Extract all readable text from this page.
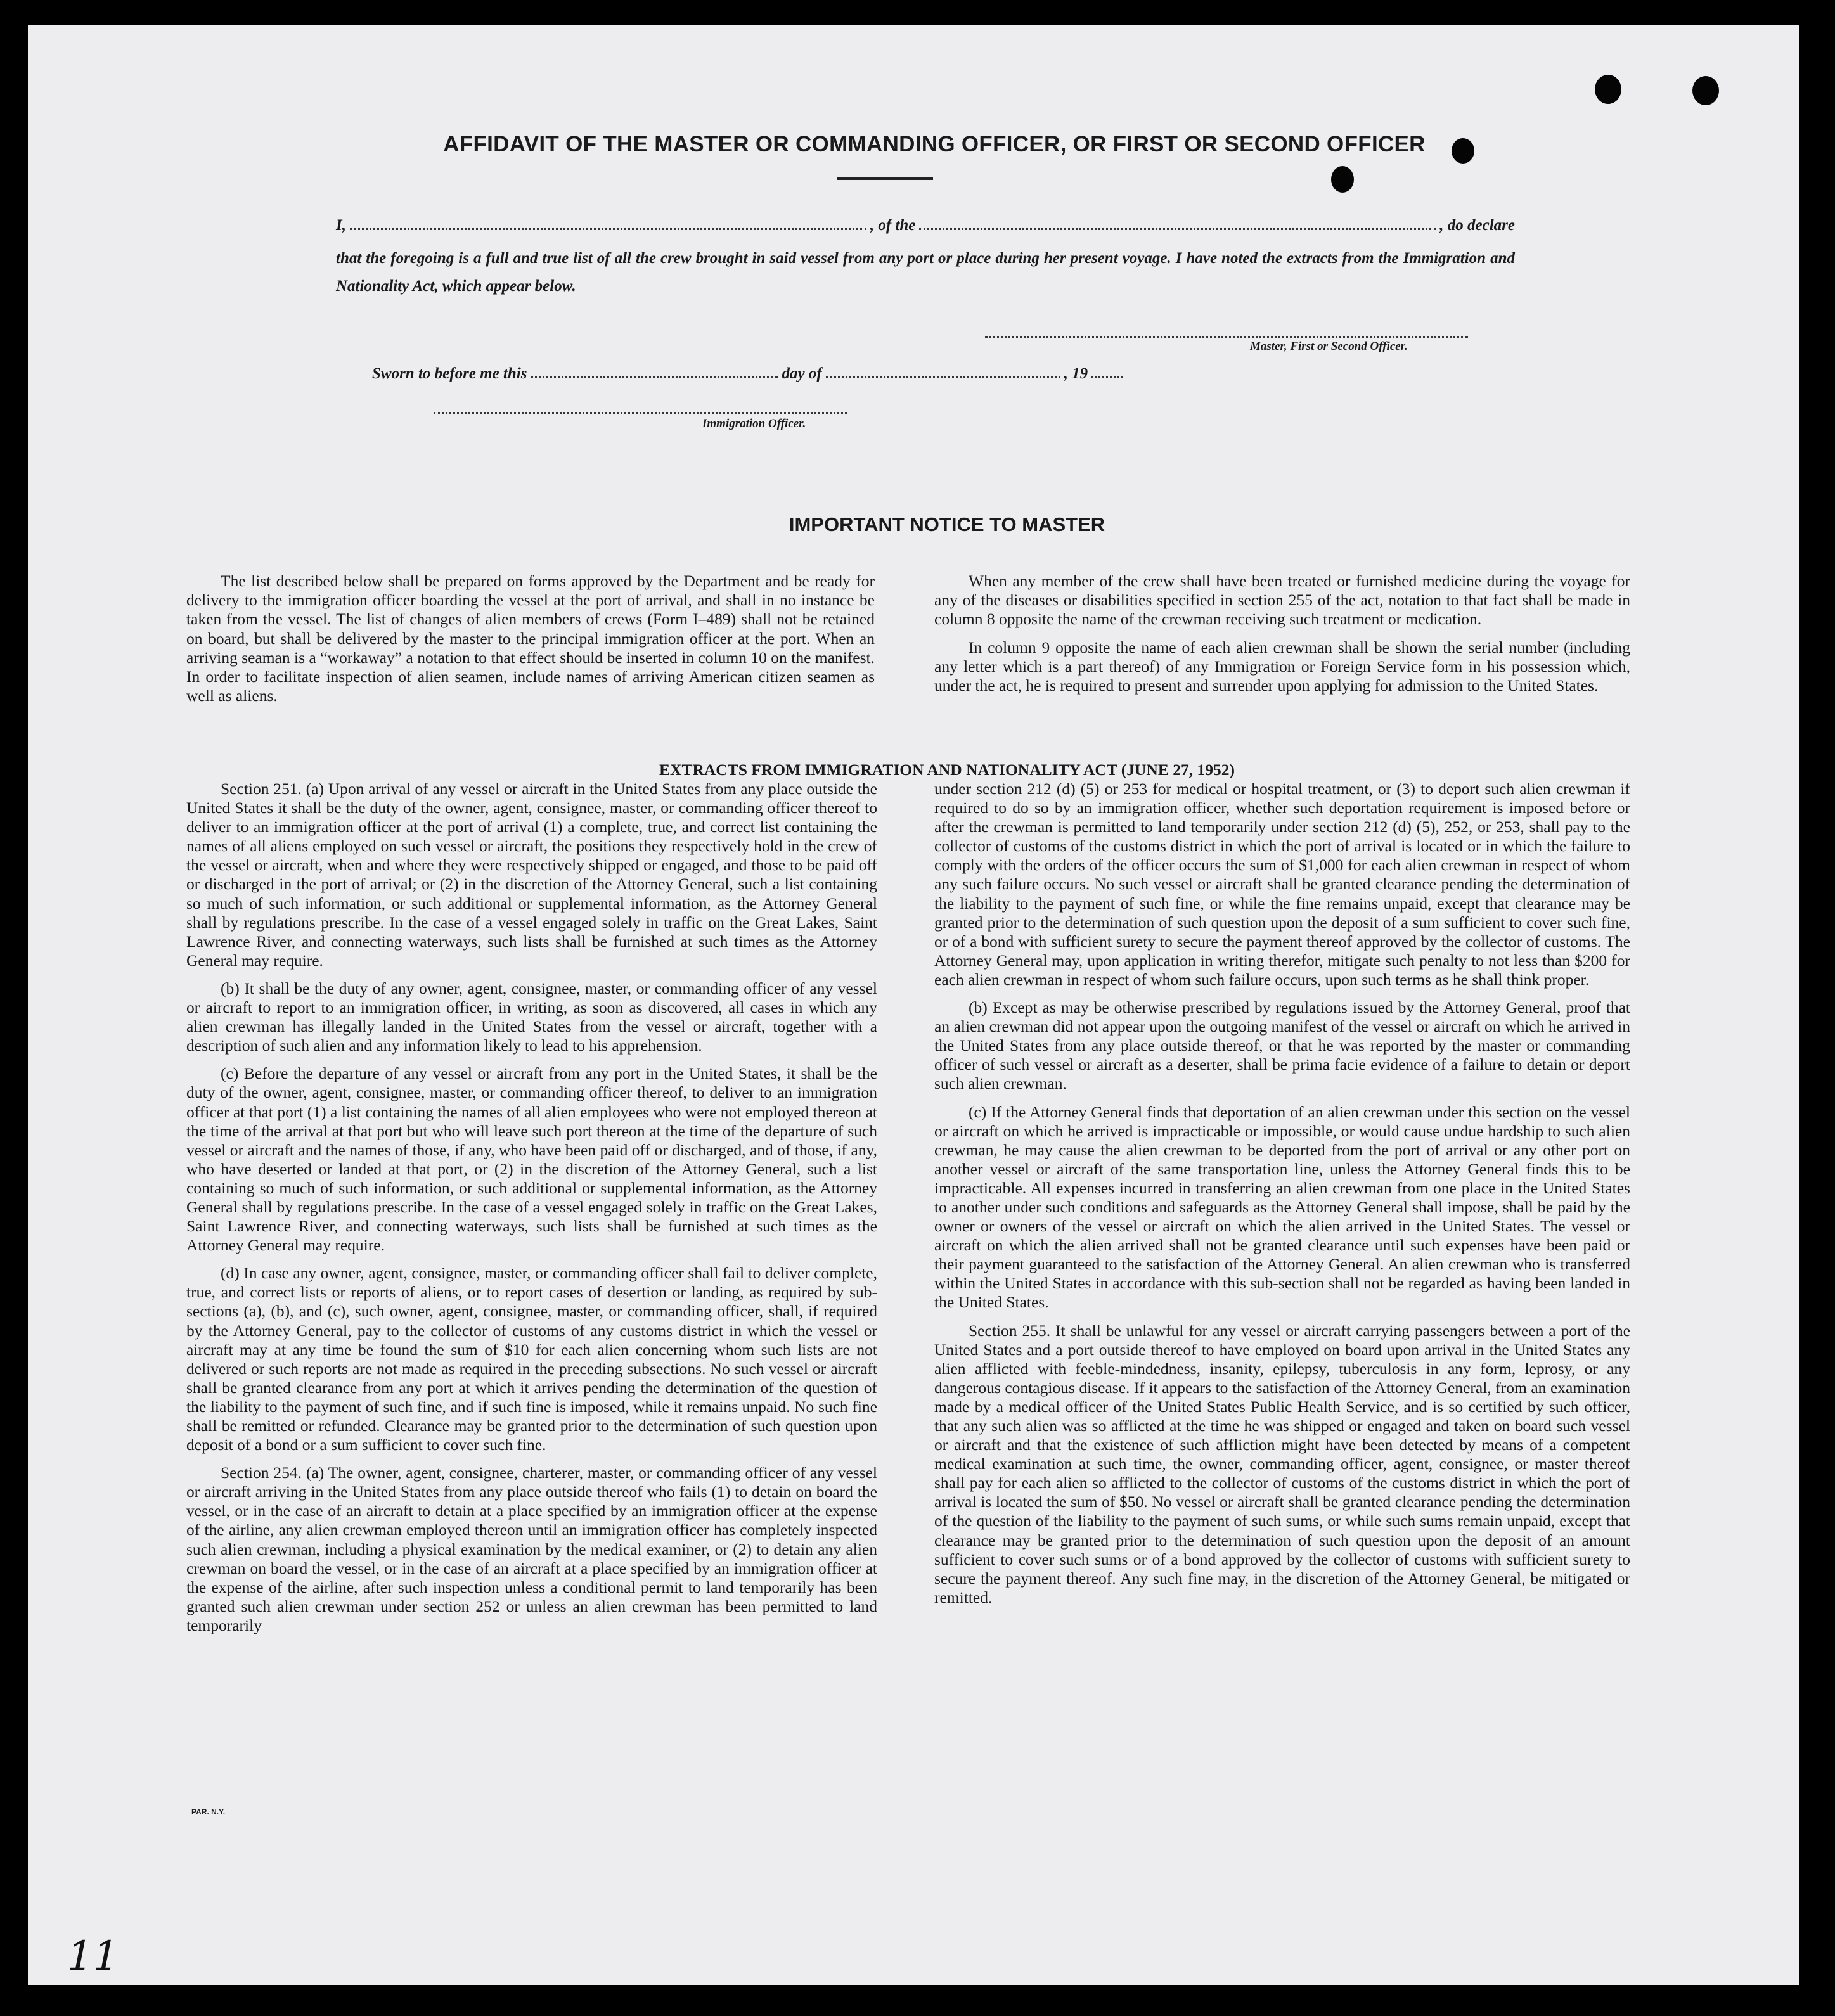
AFFIDAVIT OF THE MASTER OR COMMANDING OFFICER, OR FIRST OR SECOND OFFICER
I,	, of the	, do declare
that the foregoing is a full and true list of all the crew brought in said vessel from any port or place during her present voyage. I have noted the extracts from the Immigration and Nationality Act, which appear below.
Master, First or Second Officer.
Sworn to before me this	day of	, 19
Immigration Officer.
IMPORTANT NOTICE TO MASTER

The list described below shall be prepared on forms approved by the Department and be ready for delivery to the immigration officer boarding the vessel at the port of arrival, and shall in no instance be taken from the vessel. The list of changes of alien members of crews (Form I–489) shall not be retained on board, but shall be delivered by the master to the principal immigration officer at the port. When an arriving seaman is a “workaway” a notation to that effect should be inserted in column 10 on the manifest. In order to facilitate inspection of alien seamen, include names of arriving American citizen seamen as well as aliens.

When any member of the crew shall have been treated or furnished medicine during the voyage for any of the diseases or disabilities specified in section 255 of the act, notation to that fact shall be made in column 8 opposite the name of the crewman receiving such treatment or medication.

In column 9 opposite the name of each alien crewman shall be shown the serial number (including any letter which is a part thereof) of any Immigration or Foreign Service form in his possession which, under the act, he is required to present and surrender upon applying for admission to the United States.

EXTRACTS FROM IMMIGRATION AND NATIONALITY ACT (JUNE 27, 1952)

Section 251. (a) Upon arrival of any vessel or aircraft in the United States from any place outside the United States it shall be the duty of the owner, agent, consignee, master, or commanding officer thereof to deliver to an immigration officer at the port of arrival (1) a complete, true, and correct list containing the names of all aliens employed on such vessel or aircraft, the positions they respectively hold in the crew of the vessel or aircraft, when and where they were respectively shipped or engaged, and those to be paid off or discharged in the port of arrival; or (2) in the discretion of the Attorney General, such a list containing so much of such information, or such additional or supplemental information, as the Attorney General shall by regulations prescribe. In the case of a vessel engaged solely in traffic on the Great Lakes, Saint Lawrence River, and connecting waterways, such lists shall be furnished at such times as the Attorney General may require.

(b) It shall be the duty of any owner, agent, consignee, master, or commanding officer of any vessel or aircraft to report to an immigration officer, in writing, as soon as discovered, all cases in which any alien crewman has illegally landed in the United States from the vessel or aircraft, together with a description of such alien and any information likely to lead to his apprehension.

(c) Before the departure of any vessel or aircraft from any port in the United States, it shall be the duty of the owner, agent, consignee, master, or commanding officer thereof, to deliver to an immigration officer at that port (1) a list containing the names of all alien employees who were not employed thereon at the time of the arrival at that port but who will leave such port thereon at the time of the departure of such vessel or aircraft and the names of those, if any, who have been paid off or discharged, and of those, if any, who have deserted or landed at that port, or (2) in the discretion of the Attorney General, such a list containing so much of such information, or such additional or supplemental information, as the Attorney General shall by regulations prescribe. In the case of a vessel engaged solely in traffic on the Great Lakes, Saint Lawrence River, and connecting waterways, such lists shall be furnished at such times as the Attorney General may require.

(d) In case any owner, agent, consignee, master, or commanding officer shall fail to deliver complete, true, and correct lists or reports of aliens, or to report cases of desertion or landing, as required by sub-sections (a), (b), and (c), such owner, agent, consignee, master, or commanding officer, shall, if required by the Attorney General, pay to the collector of customs of any customs district in which the vessel or aircraft may at any time be found the sum of $10 for each alien concerning whom such lists are not delivered or such reports are not made as required in the preceding subsections. No such vessel or aircraft shall be granted clearance from any port at which it arrives pending the determination of the question of the liability to the payment of such fine, and if such fine is imposed, while it remains unpaid. No such fine shall be remitted or refunded. Clearance may be granted prior to the determination of such question upon deposit of a bond or a sum sufficient to cover such fine.

Section 254. (a) The owner, agent, consignee, charterer, master, or commanding officer of any vessel or aircraft arriving in the United States from any place outside thereof who fails (1) to detain on board the vessel, or in the case of an aircraft to detain at a place specified by an immigration officer at the expense of the airline, any alien crewman employed thereon until an immigration officer has completely inspected such alien crewman, including a physical examination by the medical examiner, or (2) to detain any alien crewman on board the vessel, or in the case of an aircraft at a place specified by an immigration officer at the expense of the airline, after such inspection unless a conditional permit to land temporarily has been granted such alien crewman under section 252 or unless an alien crewman has been permitted to land temporarily

under section 212 (d) (5) or 253 for medical or hospital treatment, or (3) to deport such alien crewman if required to do so by an immigration officer, whether such deportation requirement is imposed before or after the crewman is permitted to land temporarily under section 212 (d) (5), 252, or 253, shall pay to the collector of customs of the customs district in which the port of arrival is located or in which the failure to comply with the orders of the officer occurs the sum of $1,000 for each alien crewman in respect of whom any such failure occurs. No such vessel or aircraft shall be granted clearance pending the determination of the liability to the payment of such fine, or while the fine remains unpaid, except that clearance may be granted prior to the determination of such question upon the deposit of a sum sufficient to cover such fine, or of a bond with sufficient surety to secure the payment thereof approved by the collector of customs. The Attorney General may, upon application in writing therefor, mitigate such penalty to not less than $200 for each alien crewman in respect of whom such failure occurs, upon such terms as he shall think proper.

(b) Except as may be otherwise prescribed by regulations issued by the Attorney General, proof that an alien crewman did not appear upon the outgoing manifest of the vessel or aircraft on which he arrived in the United States from any place outside thereof, or that he was reported by the master or commanding officer of such vessel or aircraft as a deserter, shall be prima facie evidence of a failure to detain or deport such alien crewman.

(c) If the Attorney General finds that deportation of an alien crewman under this section on the vessel or aircraft on which he arrived is impracticable or impossible, or would cause undue hardship to such alien crewman, he may cause the alien crewman to be deported from the port of arrival or any other port on another vessel or aircraft of the same transportation line, unless the Attorney General finds this to be impracticable. All expenses incurred in transferring an alien crewman from one place in the United States to another under such conditions and safeguards as the Attorney General shall impose, shall be paid by the owner or owners of the vessel or aircraft on which the alien arrived in the United States. The vessel or aircraft on which the alien arrived shall not be granted clearance until such expenses have been paid or their payment guaranteed to the satisfaction of the Attorney General. An alien crewman who is transferred within the United States in accordance with this sub-section shall not be regarded as having been landed in the United States.

Section 255. It shall be unlawful for any vessel or aircraft carrying passengers between a port of the United States and a port outside thereof to have employed on board upon arrival in the United States any alien afflicted with feeble-mindedness, insanity, epilepsy, tuberculosis in any form, leprosy, or any dangerous contagious disease. If it appears to the satisfaction of the Attorney General, from an examination made by a medical officer of the United States Public Health Service, and is so certified by such officer, that any such alien was so afflicted at the time he was shipped or engaged and taken on board such vessel or aircraft and that the existence of such affliction might have been detected by means of a competent medical examination at such time, the owner, commanding officer, agent, consignee, or master thereof shall pay for each alien so afflicted to the collector of customs of the customs district in which the port of arrival is located the sum of $50. No vessel or aircraft shall be granted clearance pending the determination of the question of the liability to the payment of such sums, or while such sums remain unpaid, except that clearance may be granted prior to the determination of such question upon the deposit of an amount sufficient to cover such sums or of a bond approved by the collector of customs with sufficient surety to secure the payment thereof. Any such fine may, in the discretion of the Attorney General, be mitigated or remitted.

PAR. N.Y.
11
